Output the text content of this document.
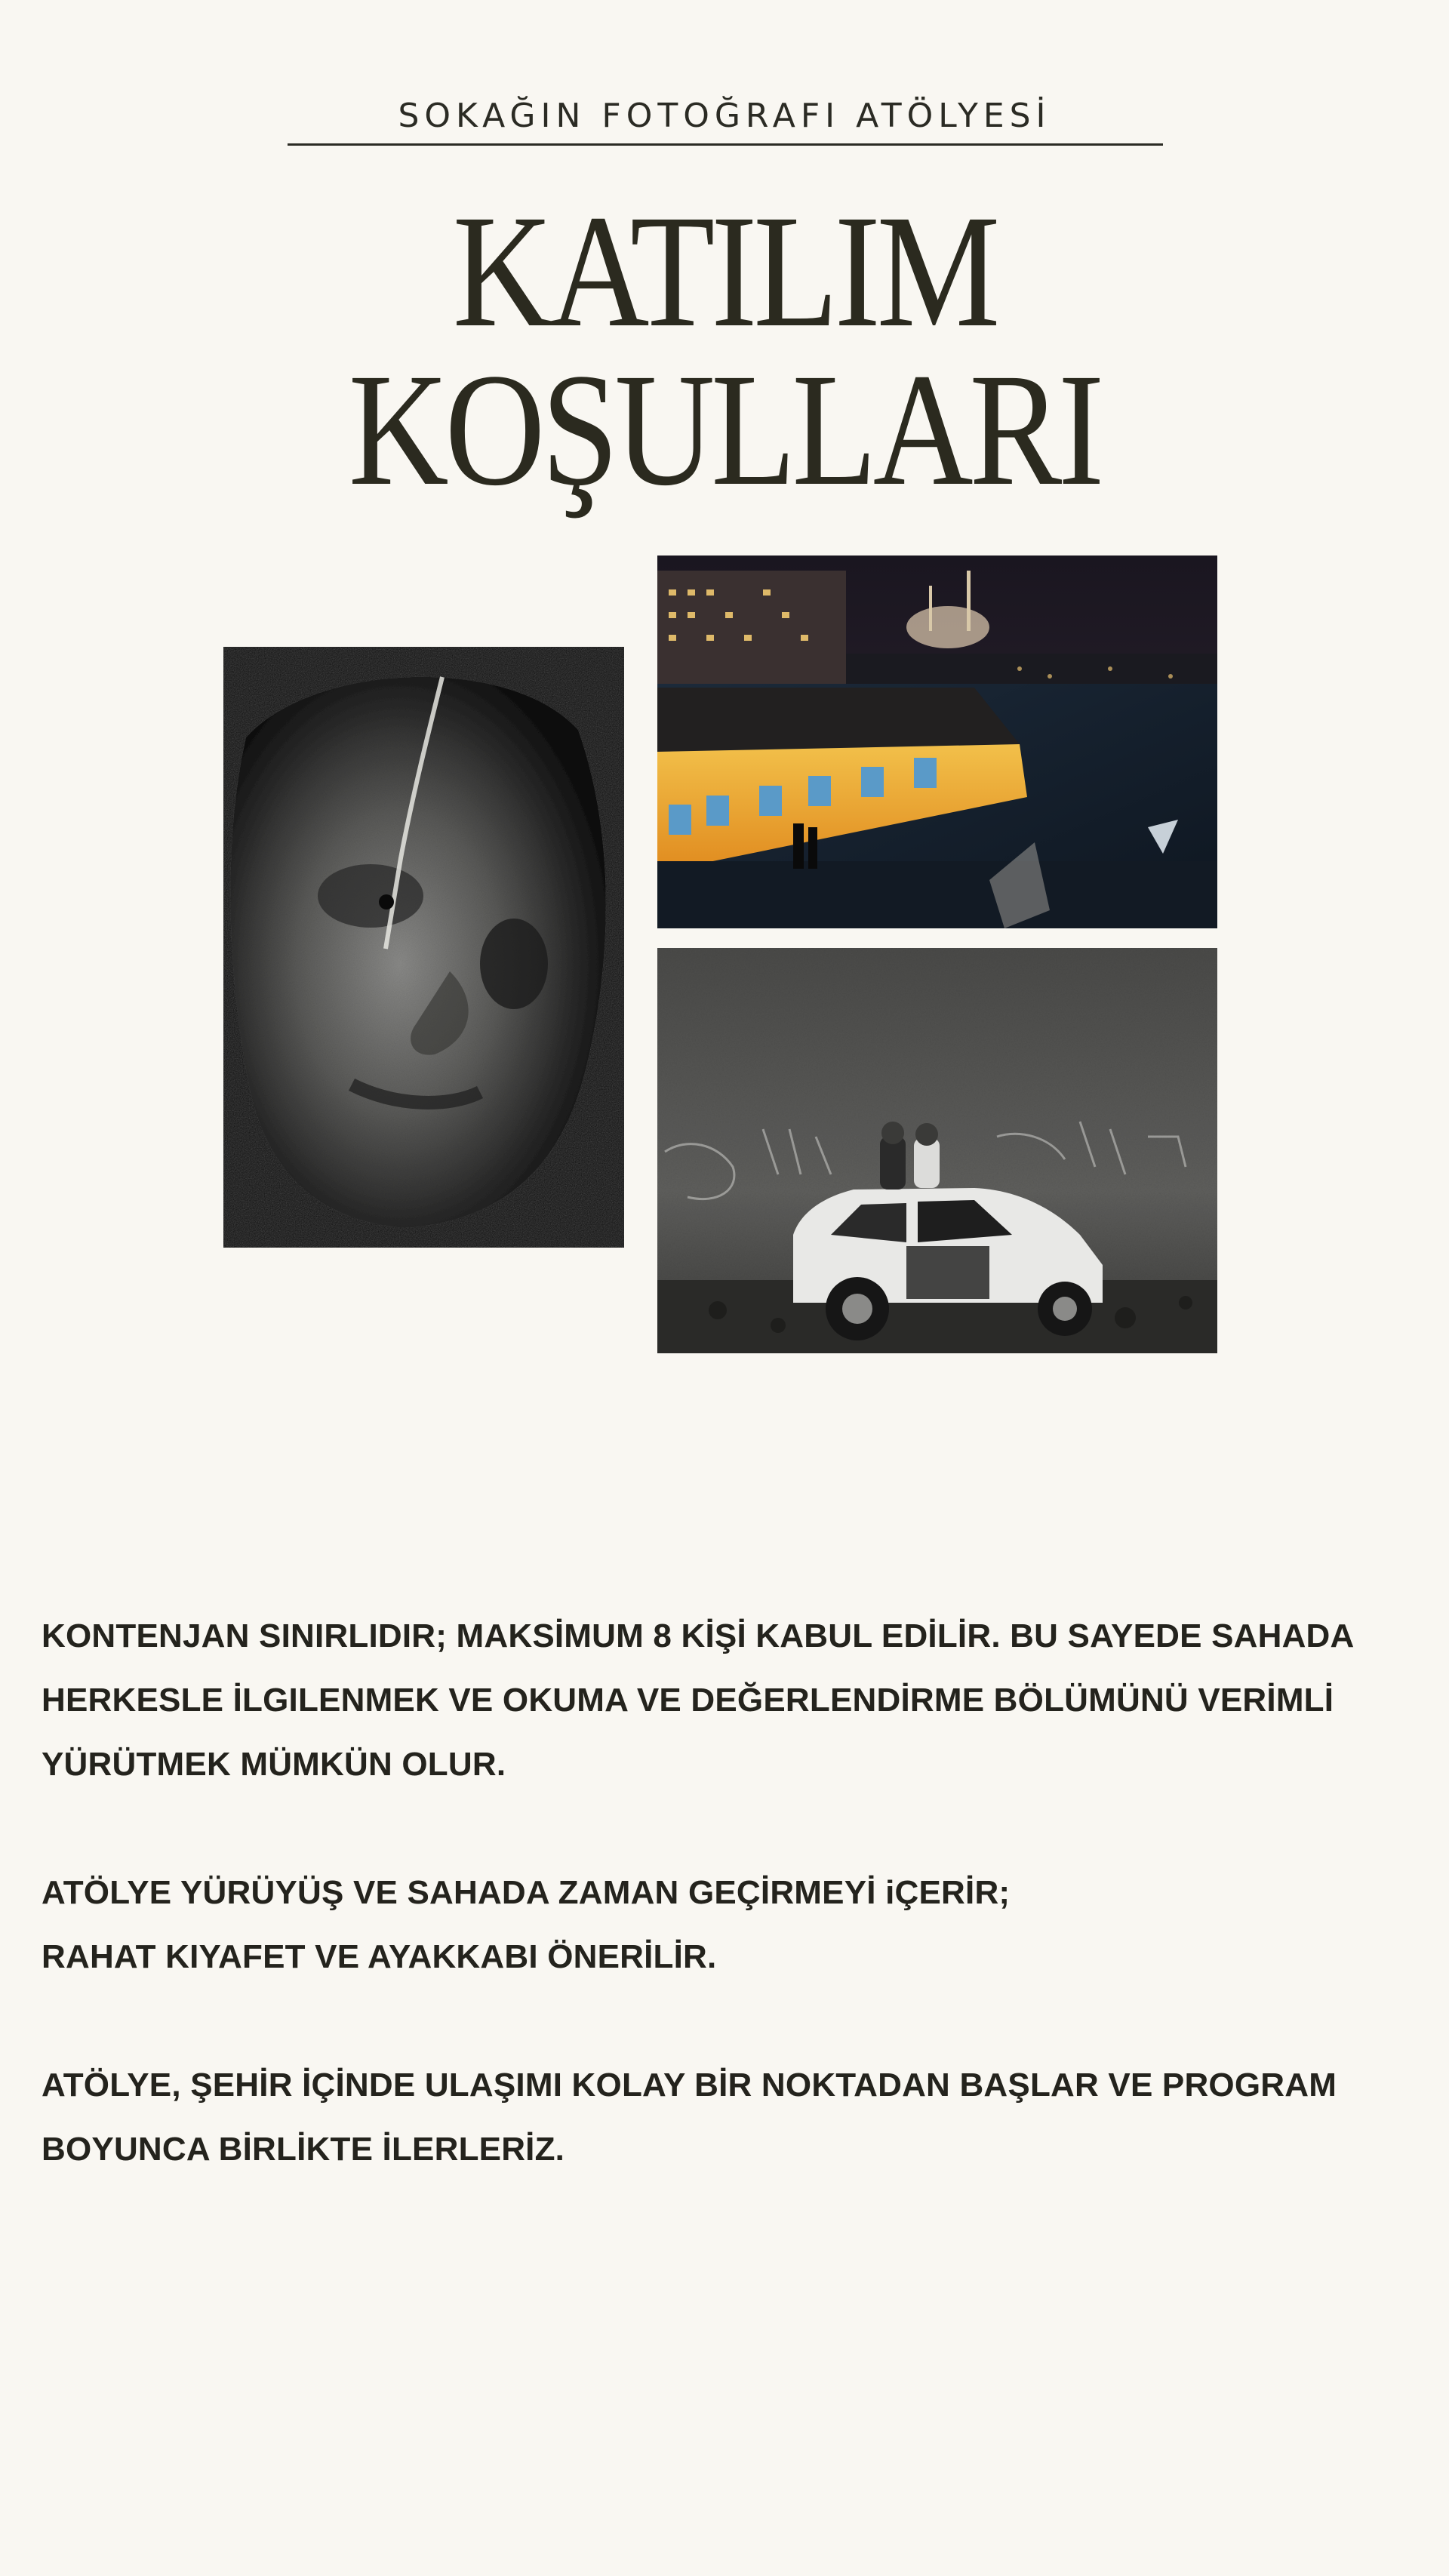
SOKAĞIN FOTOĞRAFI ATÖLYESİ
KATILIM
KOŞULLARI

KONTENJAN SINIRLIDIR; MAKSİMUM 8 KİŞİ KABUL EDİLİR. BU SAYEDE SAHADA
HERKESLE İLGILENMEK VE OKUMA VE DEĞERLENDİRME BÖLÜMÜNÜ VERİMLİ
YÜRÜTMEK MÜMKÜN OLUR.

ATÖLYE YÜRÜYÜŞ VE SAHADA ZAMAN GEÇİRMEYİ iÇERİR;
RAHAT KIYAFET VE AYAKKABI ÖNERİLİR.

ATÖLYE, ŞEHİR İÇİNDE ULAŞIMI KOLAY BİR NOKTADAN BAŞLAR VE PROGRAM
BOYUNCA BİRLİKTE İLERLERİZ.
